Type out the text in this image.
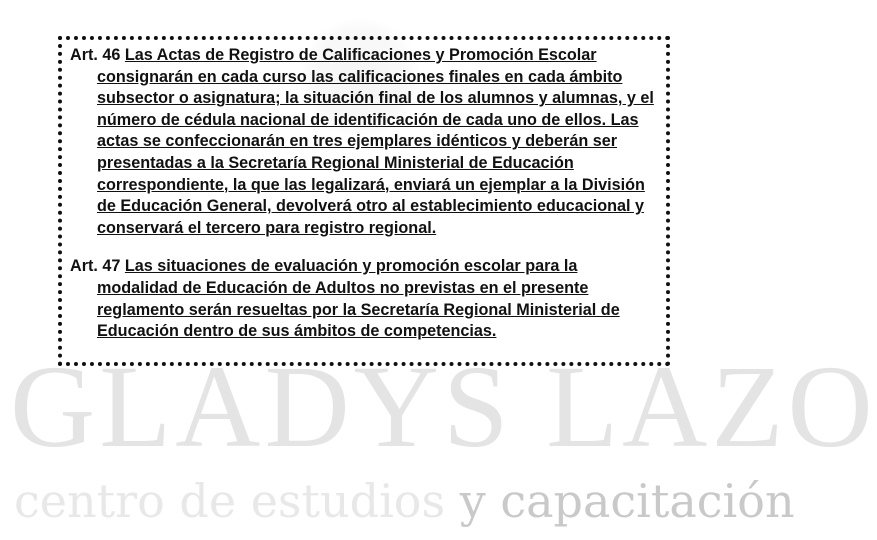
GLADYS LAZO
centro de estudios y capacitación

Art. 46 Las Actas de Registro de Calificaciones y Promoción Escolar consignarán en cada curso las calificaciones finales en cada ámbito subsector o asignatura; la situación final de los alumnos y alumnas, y el número de cédula nacional de identificación de cada uno de ellos. Las actas se confeccionarán en tres ejemplares idénticos y deberán ser presentadas a la Secretaría Regional Ministerial de Educación correspondiente, la que las legalizará, enviará un ejemplar a la División de Educación General, devolverá otro al establecimiento educacional y conservará el tercero para registro regional.

Art. 47 Las situaciones de evaluación y promoción escolar para la modalidad de Educación de Adultos no previstas en el presente reglamento serán resueltas por la Secretaría Regional Ministerial de Educación dentro de sus ámbitos de competencias.
